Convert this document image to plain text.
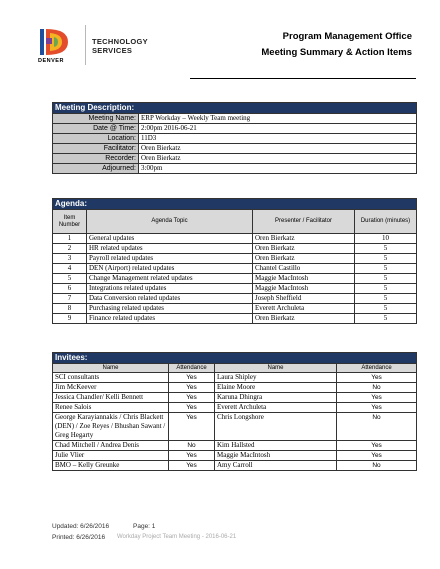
DENVER
TECHNOLOGY
SERVICES
Program Management Office
Meeting Summary & Action Items
Meeting Description:	
Meeting Name:	ERP Workday – Weekly Team meeting
Date @ Time:	2:00pm 2016-06-21
Location:	11D3
Facilitator:	Oren Bierkatz
Recorder:	Oren Bierkatz
Adjourned:	3:00pm
Agenda:			
Item Number	Agenda Topic	Presenter / Facilitator	Duration (minutes)
1	General updates	Oren Bierkatz	10
2	HR related updates	Oren Bierkatz	5
3	Payroll related updates	Oren Bierkatz	5
4	DEN (Airport) related updates	Chantel Castillo	5
5	Change Management related updates	Maggie MacIntosh	5
6	Integrations related updates	Maggie MacIntosh	5
7	Data Conversion related updates	Joseph Sheffield	5
8	Purchasing related updates	Everett Archuleta	5
9	Finance related updates	Oren Bierkatz	5
Invitees:			
Name	Attendance	Name	Attendance
SCI consultants	Yes	Laura Shipley	Yes
Jim McKeever	Yes	Elaine Moore	No
Jessica Chandler/ Kelli Bennett	Yes	Karuna Dhingra	Yes
Renee Salois	Yes	Everett Archuleta	Yes
George Karayiannakis / Chris Blackett (DEN) / Zoe Reyes / Bhushan Sawant / Greg Hegarty	Yes	Chris Longshore	No
Chad Mitchell / Andrea Denis	No	Kim Hallsted	Yes
Julie Vlier	Yes	Maggie MacIntosh	Yes
BMO – Kelly Greunke	Yes	Amy Carroll	No
Updated: 6/26/2016	Page: 1
Printed: 6/26/2016 Workday Project Team Meeting - 2016-06-21
